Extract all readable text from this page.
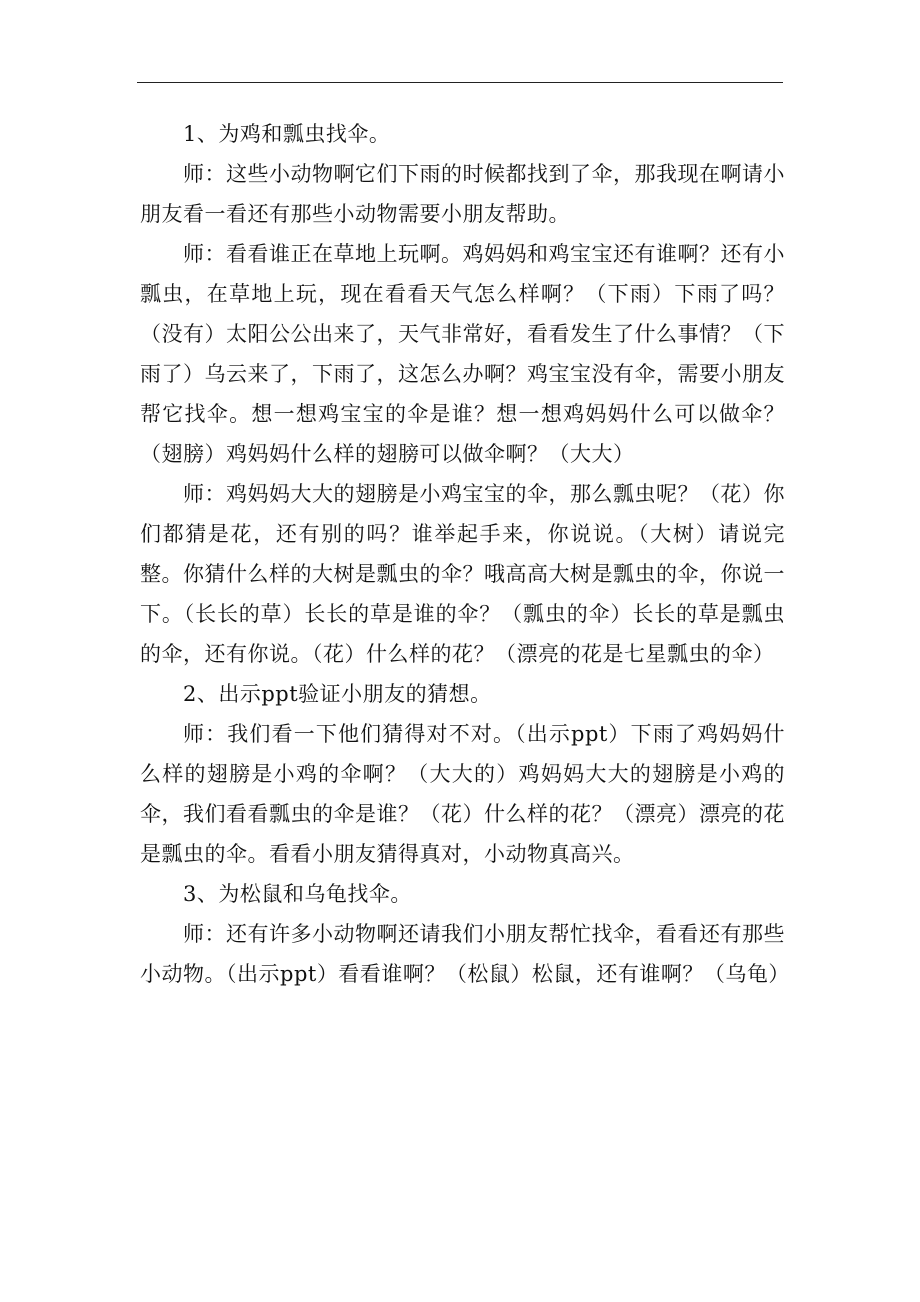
1、为鸡和瓢虫找伞。

师：这些小动物啊它们下雨的时候都找到了伞，那我现在啊请小朋友看一看还有那些小动物需要小朋友帮助。

师：看看谁正在草地上玩啊。鸡妈妈和鸡宝宝还有谁啊？还有小瓢虫，在草地上玩，现在看看天气怎么样啊？（下雨）下雨了吗？（没有）太阳公公出来了，天气非常好，看看发生了什么事情？（下雨了）乌云来了，下雨了，这怎么办啊？鸡宝宝没有伞，需要小朋友帮它找伞。想一想鸡宝宝的伞是谁？想一想鸡妈妈什么可以做伞？（翅膀）鸡妈妈什么样的翅膀可以做伞啊？（大大）

师：鸡妈妈大大的翅膀是小鸡宝宝的伞，那么瓢虫呢？（花）你们都猜是花，还有别的吗？谁举起手来，你说说。（大树）请说完整。你猜什么样的大树是瓢虫的伞？哦高高大树是瓢虫的伞，你说一下。（长长的草）长长的草是谁的伞？（瓢虫的伞）长长的草是瓢虫的伞，还有你说。（花）什么样的花？（漂亮的花是七星瓢虫的伞）

2、出示ppt验证小朋友的猜想。

师：我们看一下他们猜得对不对。（出示ppt）下雨了鸡妈妈什么样的翅膀是小鸡的伞啊？（大大的）鸡妈妈大大的翅膀是小鸡的伞，我们看看瓢虫的伞是谁？（花）什么样的花？（漂亮）漂亮的花是瓢虫的伞。看看小朋友猜得真对，小动物真高兴。

3、为松鼠和乌龟找伞。

师：还有许多小动物啊还请我们小朋友帮忙找伞，看看还有那些小动物。（出示ppt）看看谁啊？（松鼠）松鼠，还有谁啊？（乌龟）
